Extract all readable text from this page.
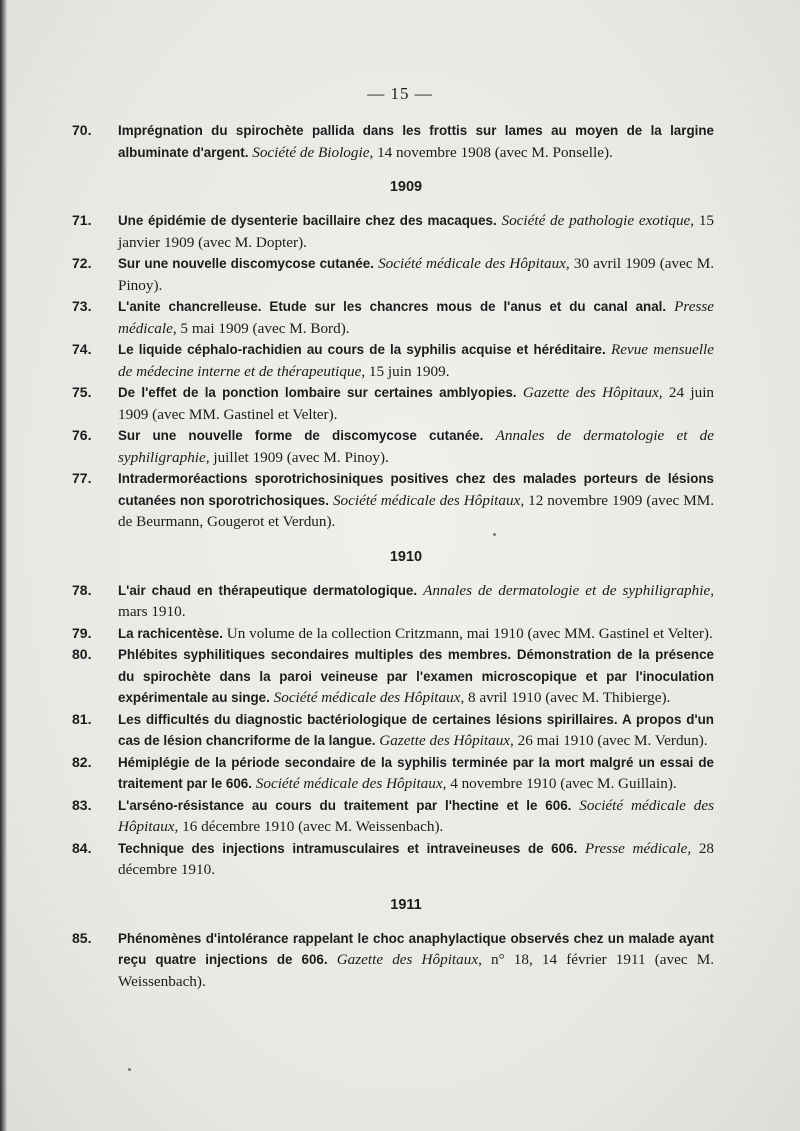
— 15 —
70. Imprégnation du spirochète pallida dans les frottis sur lames au moyen de la largine albuminate d'argent. Société de Biologie, 14 novembre 1908 (avec M. Ponselle).
1909
71. Une épidémie de dysenterie bacillaire chez des macaques. Société de pathologie exotique, 15 janvier 1909 (avec M. Dopter).
72. Sur une nouvelle discomycose cutanée. Société médicale des Hôpitaux, 30 avril 1909 (avec M. Pinoy).
73. L'anite chancrelleuse. Etude sur les chancres mous de l'anus et du canal anal. Presse médicale, 5 mai 1909 (avec M. Bord).
74. Le liquide céphalo-rachidien au cours de la syphilis acquise et héréditaire. Revue mensuelle de médecine interne et de thérapeutique, 15 juin 1909.
75. De l'effet de la ponction lombaire sur certaines amblyopies. Gazette des Hôpitaux, 24 juin 1909 (avec MM. Gastinel et Velter).
76. Sur une nouvelle forme de discomycose cutanée. Annales de dermatologie et de syphiligraphie, juillet 1909 (avec M. Pinoy).
77. Intradermoréactions sporotrichosiniques positives chez des malades porteurs de lésions cutanées non sporotrichosiques. Société médicale des Hôpitaux, 12 novembre 1909 (avec MM. de Beurmann, Gougerot et Verdun).
1910
78. L'air chaud en thérapeutique dermatologique. Annales de dermatologie et de syphiligraphie, mars 1910.
79. La rachicentèse. Un volume de la collection Critzmann, mai 1910 (avec MM. Gastinel et Velter).
80. Phlébites syphilitiques secondaires multiples des membres. Démonstration de la présence du spirochète dans la paroi veineuse par l'examen microscopique et par l'inoculation expérimentale au singe. Société médicale des Hôpitaux, 8 avril 1910 (avec M. Thibierge).
81. Les difficultés du diagnostic bactériologique de certaines lésions spirillaires. A propos d'un cas de lésion chancriforme de la langue. Gazette des Hôpitaux, 26 mai 1910 (avec M. Verdun).
82. Hémiplégie de la période secondaire de la syphilis terminée par la mort malgré un essai de traitement par le 606. Société médicale des Hôpitaux, 4 novembre 1910 (avec M. Guillain).
83. L'arséno-résistance au cours du traitement par l'hectine et le 606. Société médicale des Hôpitaux, 16 décembre 1910 (avec M. Weissenbach).
84. Technique des injections intramusculaires et intraveineuses de 606. Presse médicale, 28 décembre 1910.
1911
85. Phénomènes d'intolérance rappelant le choc anaphylactique observés chez un malade ayant reçu quatre injections de 606. Gazette des Hôpitaux, n° 18, 14 février 1911 (avec M. Weissenbach).
